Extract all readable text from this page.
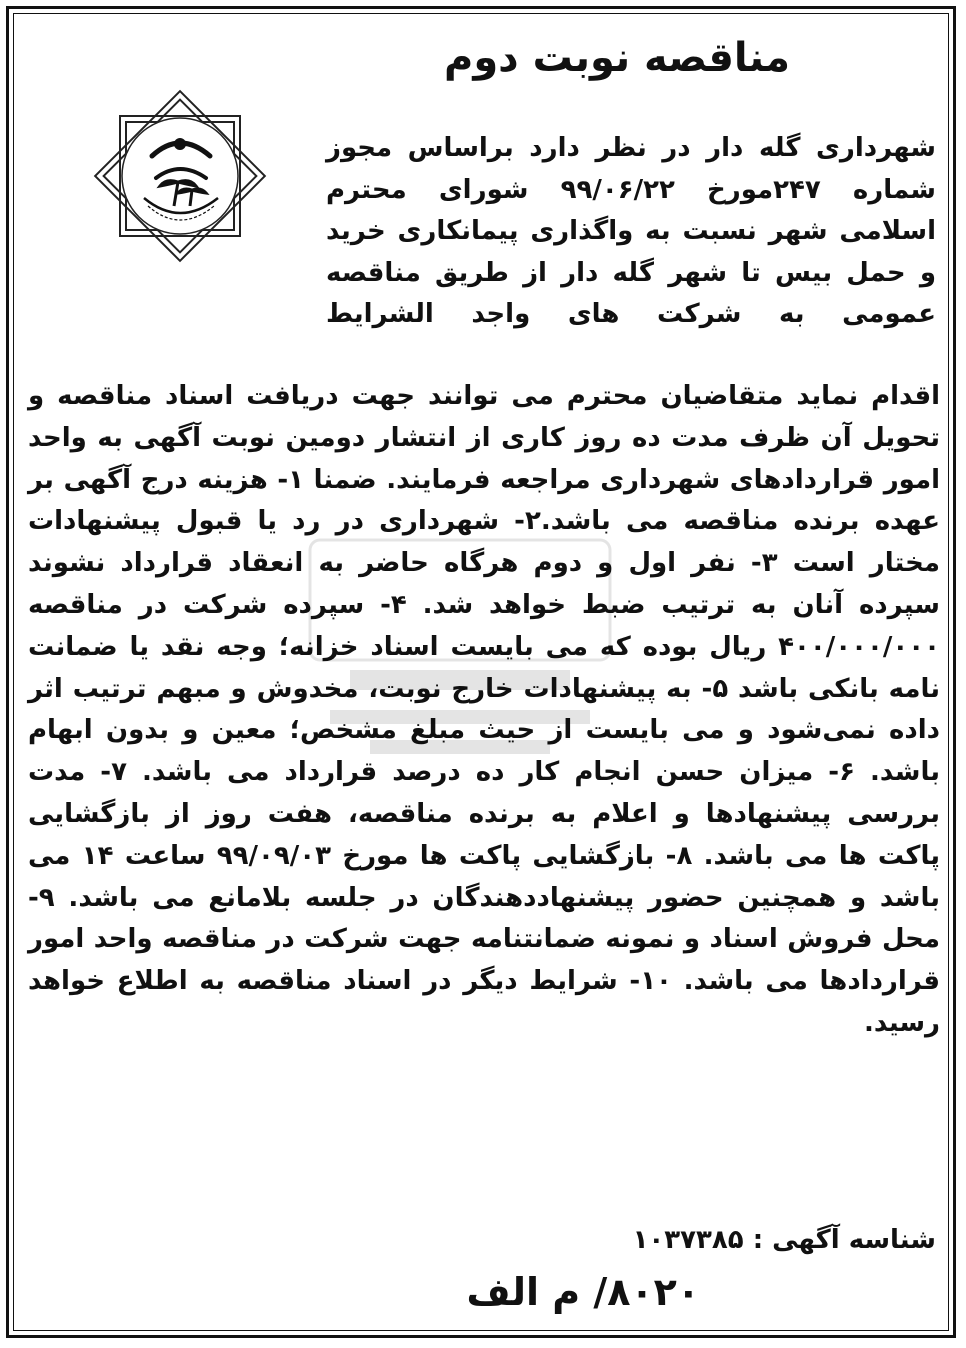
مناقصه نوبت دوم

شهرداری گله دار در نظر دارد براساس مجوز شماره ۲۴۷مورخ ۹۹/۰۶/۲۲ شورای محترم اسلامی شهر نسبت به واگذاری پیمانکاری خرید و حمل بیس تا شهر گله دار از طریق مناقصه عمومی به شرکت های واجد الشرایط

اقدام نماید متقاضیان محترم می توانند جهت دریافت اسناد مناقصه و تحویل آن ظرف مدت ده روز کاری از انتشار دومین نوبت آگهی به واحد امور قراردادهای شهرداری مراجعه فرمایند. ضمنا ۱- هزینه درج آگهی بر عهده برنده مناقصه می باشد.۲- شهرداری در رد یا قبول پیشنهادات مختار است ۳- نفر اول و دوم هرگاه حاضر به انعقاد قرارداد نشوند سپرده آنان به ترتیب ضبط خواهد شد. ۴- سپرده شرکت در مناقصه ۴۰۰/۰۰۰/۰۰۰ ریال بوده که می بایست اسناد خزانه؛ وجه نقد یا ضمانت نامه بانکی باشد ۵- به پیشنهادات خارج نوبت، مخدوش و مبهم ترتیب اثر داده نمی‌شود و می بایست از حیث مبلغ مشخص؛ معین و بدون ابهام باشد. ۶- میزان حسن انجام کار ده درصد قرارداد می باشد. ۷- مدت بررسی پیشنهادها و اعلام به برنده مناقصه، هفت روز از بازگشایی پاکت ها می باشد. ۸- بازگشایی پاکت ها مورخ ۹۹/۰۹/۰۳ ساعت ۱۴ می باشد و همچنین حضور پیشنهاددهندگان در جلسه بلامانع می باشد. ۹- محل فروش اسناد و نمونه ضمانتنامه جهت شرکت در مناقصه واحد امور قراردادها می باشد. ۱۰- شرایط دیگر در اسناد مناقصه به اطلاع خواهد رسید.

شناسه آگهی : ۱۰۳۷۳۸۵

۸۰۲۰/ م الف
